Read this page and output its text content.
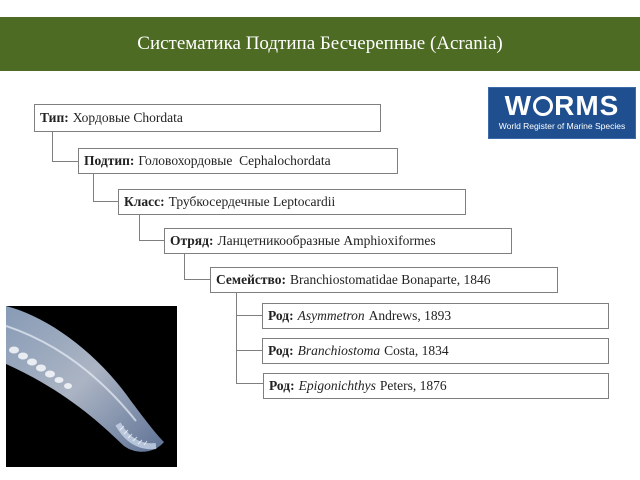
Систематика Подтипа Бесчерепные (Acrania)
Тип: Хордовые Chordata
Подтип: Головохордовые  Cephalochordata
Класс: Трубкосердечные Leptocardii
Отряд: Ланцетникообразные Amphioxiformes
Семейство: Branchiostomatidae Bonaparte, 1846
Род: Asymmetron Andrews, 1893
Род: Branchiostoma Costa, 1834
Род: Epigonichthys Peters, 1876
W RMS
World Register of Marine Species
